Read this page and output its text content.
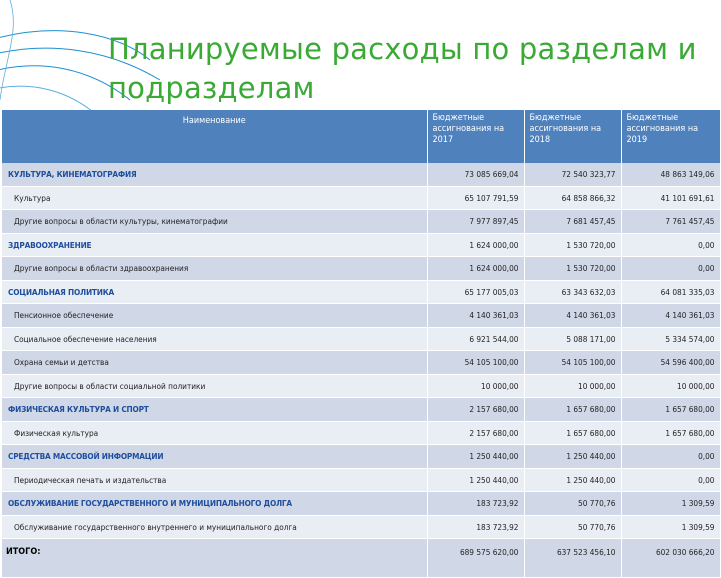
Планируемые расходы по разделам и подразделам
Наименование	Бюджетные ассигнования на 2017	Бюджетные ассигнования на 2018	Бюджетные ассигнования на 2019
КУЛЬТУРА, КИНЕМАТОГРАФИЯ	73 085 669,04	72 540 323,77	48 863 149,06
Культура	65 107 791,59	64 858 866,32	41 101 691,61
Другие вопросы в области культуры, кинематографии	7 977 897,45	7 681 457,45	7 761 457,45
ЗДРАВООХРАНЕНИЕ	1 624 000,00	1 530 720,00	0,00
Другие вопросы в области здравоохранения	1 624 000,00	1 530 720,00	0,00
СОЦИАЛЬНАЯ ПОЛИТИКА	65 177 005,03	63 343 632,03	64 081 335,03
Пенсионное обеспечение	4 140 361,03	4 140 361,03	4 140 361,03
Социальное обеспечение населения	6 921 544,00	5 088 171,00	5 334 574,00
Охрана семьи и детства	54 105 100,00	54 105 100,00	54 596 400,00
Другие вопросы в области социальной политики	10 000,00	10 000,00	10 000,00
ФИЗИЧЕСКАЯ КУЛЬТУРА И СПОРТ	2 157 680,00	1 657 680,00	1 657 680,00
Физическая культура	2 157 680,00	1 657 680,00	1 657 680,00
СРЕДСТВА МАССОВОЙ ИНФОРМАЦИИ	1 250 440,00	1 250 440,00	0,00
Периодическая печать и издательства	1 250 440,00	1 250 440,00	0,00
ОБСЛУЖИВАНИЕ ГОСУДАРСТВЕННОГО И МУНИЦИПАЛЬНОГО ДОЛГА	183 723,92	50 770,76	1 309,59
Обслуживание государственного внутреннего и муниципального долга	183 723,92	50 770,76	1 309,59
ИТОГО:	689 575 620,00	637 523 456,10	602 030 666,20
